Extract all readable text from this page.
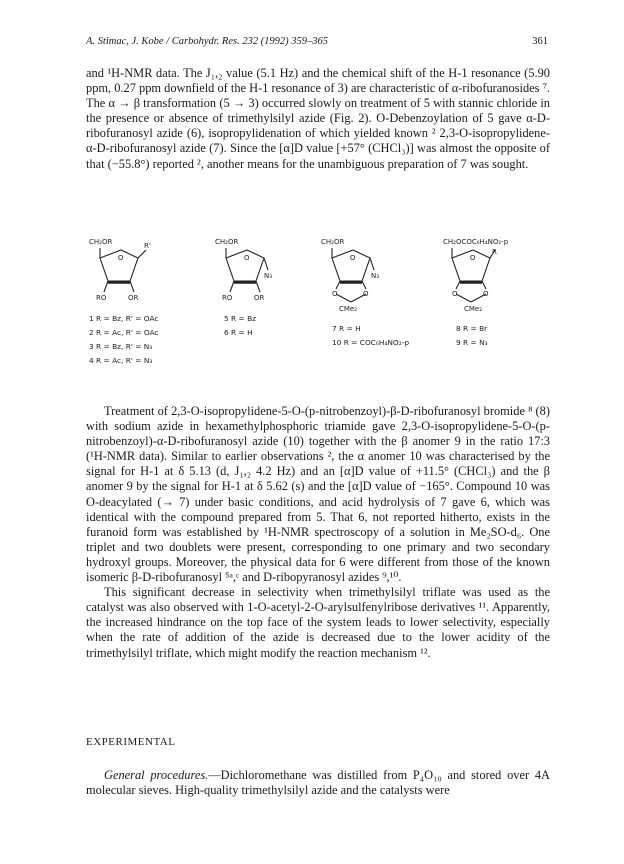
A. Stimac, J. Kobe / Carbohydr. Res. 232 (1992) 359–365	361

and ¹H-NMR data. The J₁,₂ value (5.1 Hz) and the chemical shift of the H-1 resonance (5.90 ppm, 0.27 ppm downfield of the H-1 resonance of 3) are characteristic of α-ribofuranosides ⁷. The α → β transformation (5 → 3) occurred slowly on treatment of 5 with stannic chloride in the presence or absence of trimethylsilyl azide (Fig. 2). O-Debenzoylation of 5 gave α-D-ribofuranosyl azide (6), isopropylidenation of which yielded known ² 2,3-O-isopropylidene-α-D-ribofuranosyl azide (7). Since the [α]D value [+57° (CHCl₃)] was almost the opposite of that (−55.8°) reported ², another means for the unambiguous preparation of 7 was sought.

CH₂OR	R'
O
RO	OR
1 R = Bz, R' = OAc
2 R = Ac, R' = OAc
3 R = Bz, R' = N₃
4 R = Ac, R' = N₃
CH₂OR
O
N₃
RO	OR
5 R = Bz
6 R = H
CH₂OR
O
N₃
O	O
CMe₂
7 R = H
10 R = COC₆H₄NO₂-p
CH₂OCOC₆H₄NO₂-p
O
R
O	O
CMe₂
8 R = Br
9 R = N₃

Treatment of 2,3-O-isopropylidene-5-O-(p-nitrobenzoyl)-β-D-ribofuranosyl bromide ⁸ (8) with sodium azide in hexamethylphosphoric triamide gave 2,3-O-isopropylidene-5-O-(p-nitrobenzoyl)-α-D-ribofuranosyl azide (10) together with the β anomer 9 in the ratio 17:3 (¹H-NMR data). Similar to earlier observations ², the α anomer 10 was characterised by the signal for H-1 at δ 5.13 (d, J₁,₂ 4.2 Hz) and an [α]D value of +11.5° (CHCl₃) and the β anomer 9 by the signal for H-1 at δ 5.62 (s) and the [α]D value of −165°. Compound 10 was O-deacylated (→ 7) under basic conditions, and acid hydrolysis of 7 gave 6, which was identical with the compound prepared from 5. That 6, not reported hitherto, exists in the furanoid form was established by ¹H-NMR spectroscopy of a solution in Me₂SO-d₆. One triplet and two doublets were present, corresponding to one primary and two secondary hydroxyl groups. Moreover, the physical data for 6 were different from those of the known isomeric β-D-ribofuranosyl ⁵ᵃ,ᶜ and D-ribopyranosyl azides ⁹,¹⁰.

This significant decrease in selectivity when trimethylsilyl triflate was used as the catalyst was also observed with 1-O-acetyl-2-O-arylsulfenylribose derivatives ¹¹. Apparently, the increased hindrance on the top face of the system leads to lower selectivity, especially when the rate of addition of the azide is decreased due to the lower acidity of the trimethylsilyl triflate, which might modify the reaction mechanism ¹².

EXPERIMENTAL
General procedures.—Dichloromethane was distilled from P₄O₁₀ and stored over 4A molecular sieves. High-quality trimethylsilyl azide and the catalysts were
